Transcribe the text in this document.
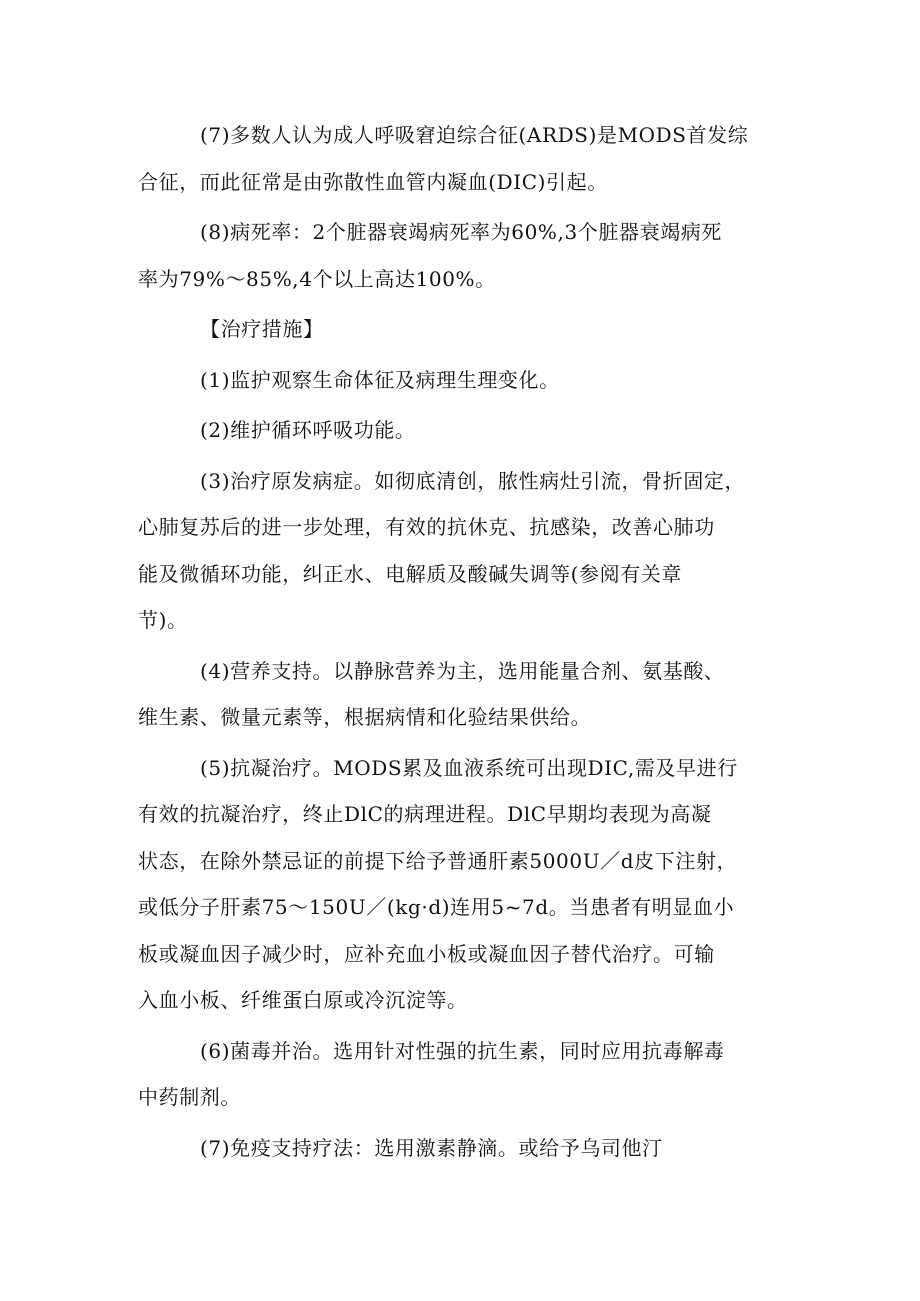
(7)多数人认为成人呼吸窘迫综合征(ARDS)是MODS首发综
合征，而此征常是由弥散性血管内凝血(DIC)引起。

(8)病死率：2个脏器衰竭病死率为60%,3个脏器衰竭病死
率为79%～85%,4个以上高达100%。

【治疗措施】

(1)监护观察生命体征及病理生理变化。

(2)维护循环呼吸功能。

(3)治疗原发病症。如彻底清创，脓性病灶引流，骨折固定，
心肺复苏后的进一步处理，有效的抗休克、抗感染，改善心肺功
能及微循环功能，纠正水、电解质及酸碱失调等(参阅有关章
节)。

(4)营养支持。以静脉营养为主，选用能量合剂、氨基酸、
维生素、微量元素等，根据病情和化验结果供给。

(5)抗凝治疗。MODS累及血液系统可出现DIC,需及早进行
有效的抗凝治疗，终止DlC的病理进程。DlC早期均表现为高凝
状态，在除外禁忌证的前提下给予普通肝素5000U／d皮下注射，
或低分子肝素75～150U／(kg·d)连用5~7d。当患者有明显血小
板或凝血因子减少时，应补充血小板或凝血因子替代治疗。可输
入血小板、纤维蛋白原或冷沉淀等。

(6)菌毒并治。选用针对性强的抗生素，同时应用抗毒解毒
中药制剂。

(7)免疫支持疗法：选用激素静滴。或给予乌司他汀
